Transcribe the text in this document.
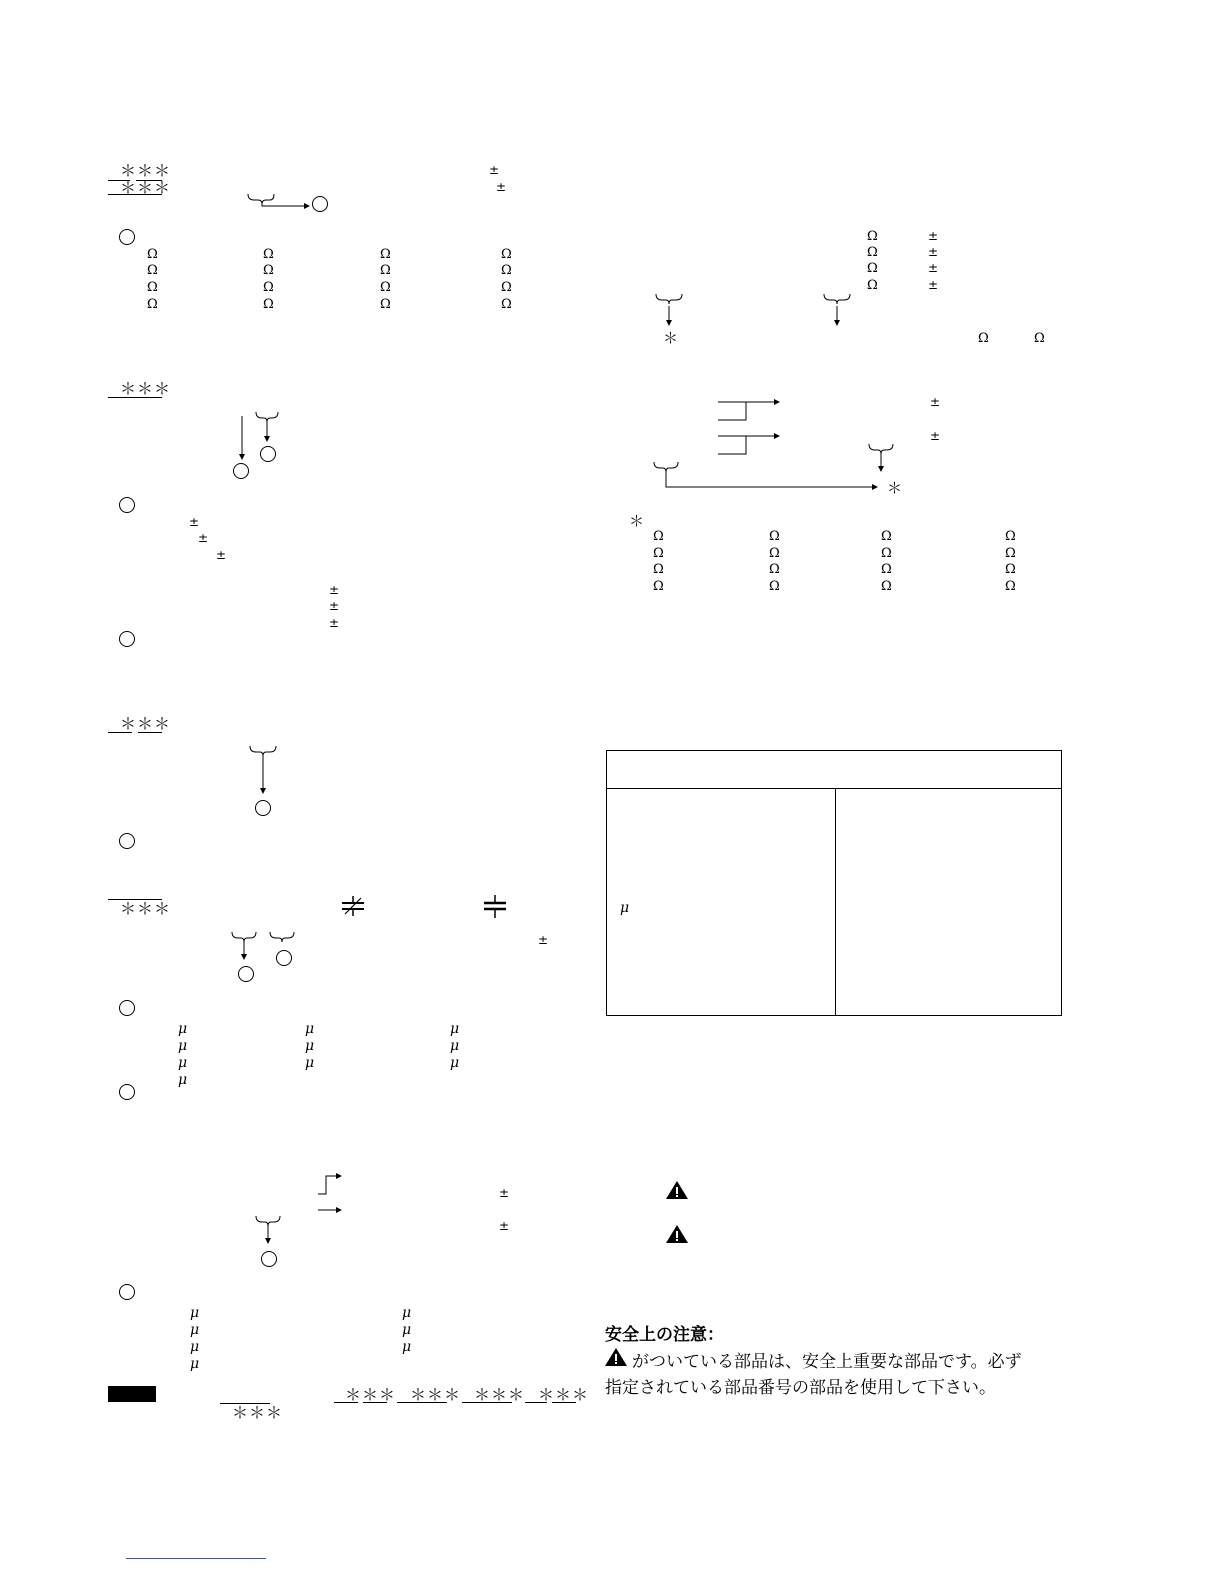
＊＊＊
＊＊＊
±
±
Ω	Ω	Ω	Ω
Ω	Ω	Ω	Ω
Ω	Ω	Ω	Ω
Ω	Ω	Ω	Ω
＊＊＊
±
±
±
±
±
±
＊＊＊
＊＊＊
±
μ	μ	μ
μ	μ	μ
μ	μ	μ
μ
±
±
μ	μ
μ	μ
μ	μ
μ
＊＊＊
＊＊＊ ＊＊＊ ＊＊＊ ＊＊＊
Ω	±
Ω	±
Ω	±
Ω	±
＊	Ω	Ω
±
±
＊
＊
Ω	Ω	Ω	Ω
Ω	Ω	Ω	Ω
Ω	Ω	Ω	Ω
Ω	Ω	Ω	Ω
μ
安全上の注意：
がついている部品は、安全上重要な部品です。必ず
指定されている部品番号の部品を使用して下さい。
